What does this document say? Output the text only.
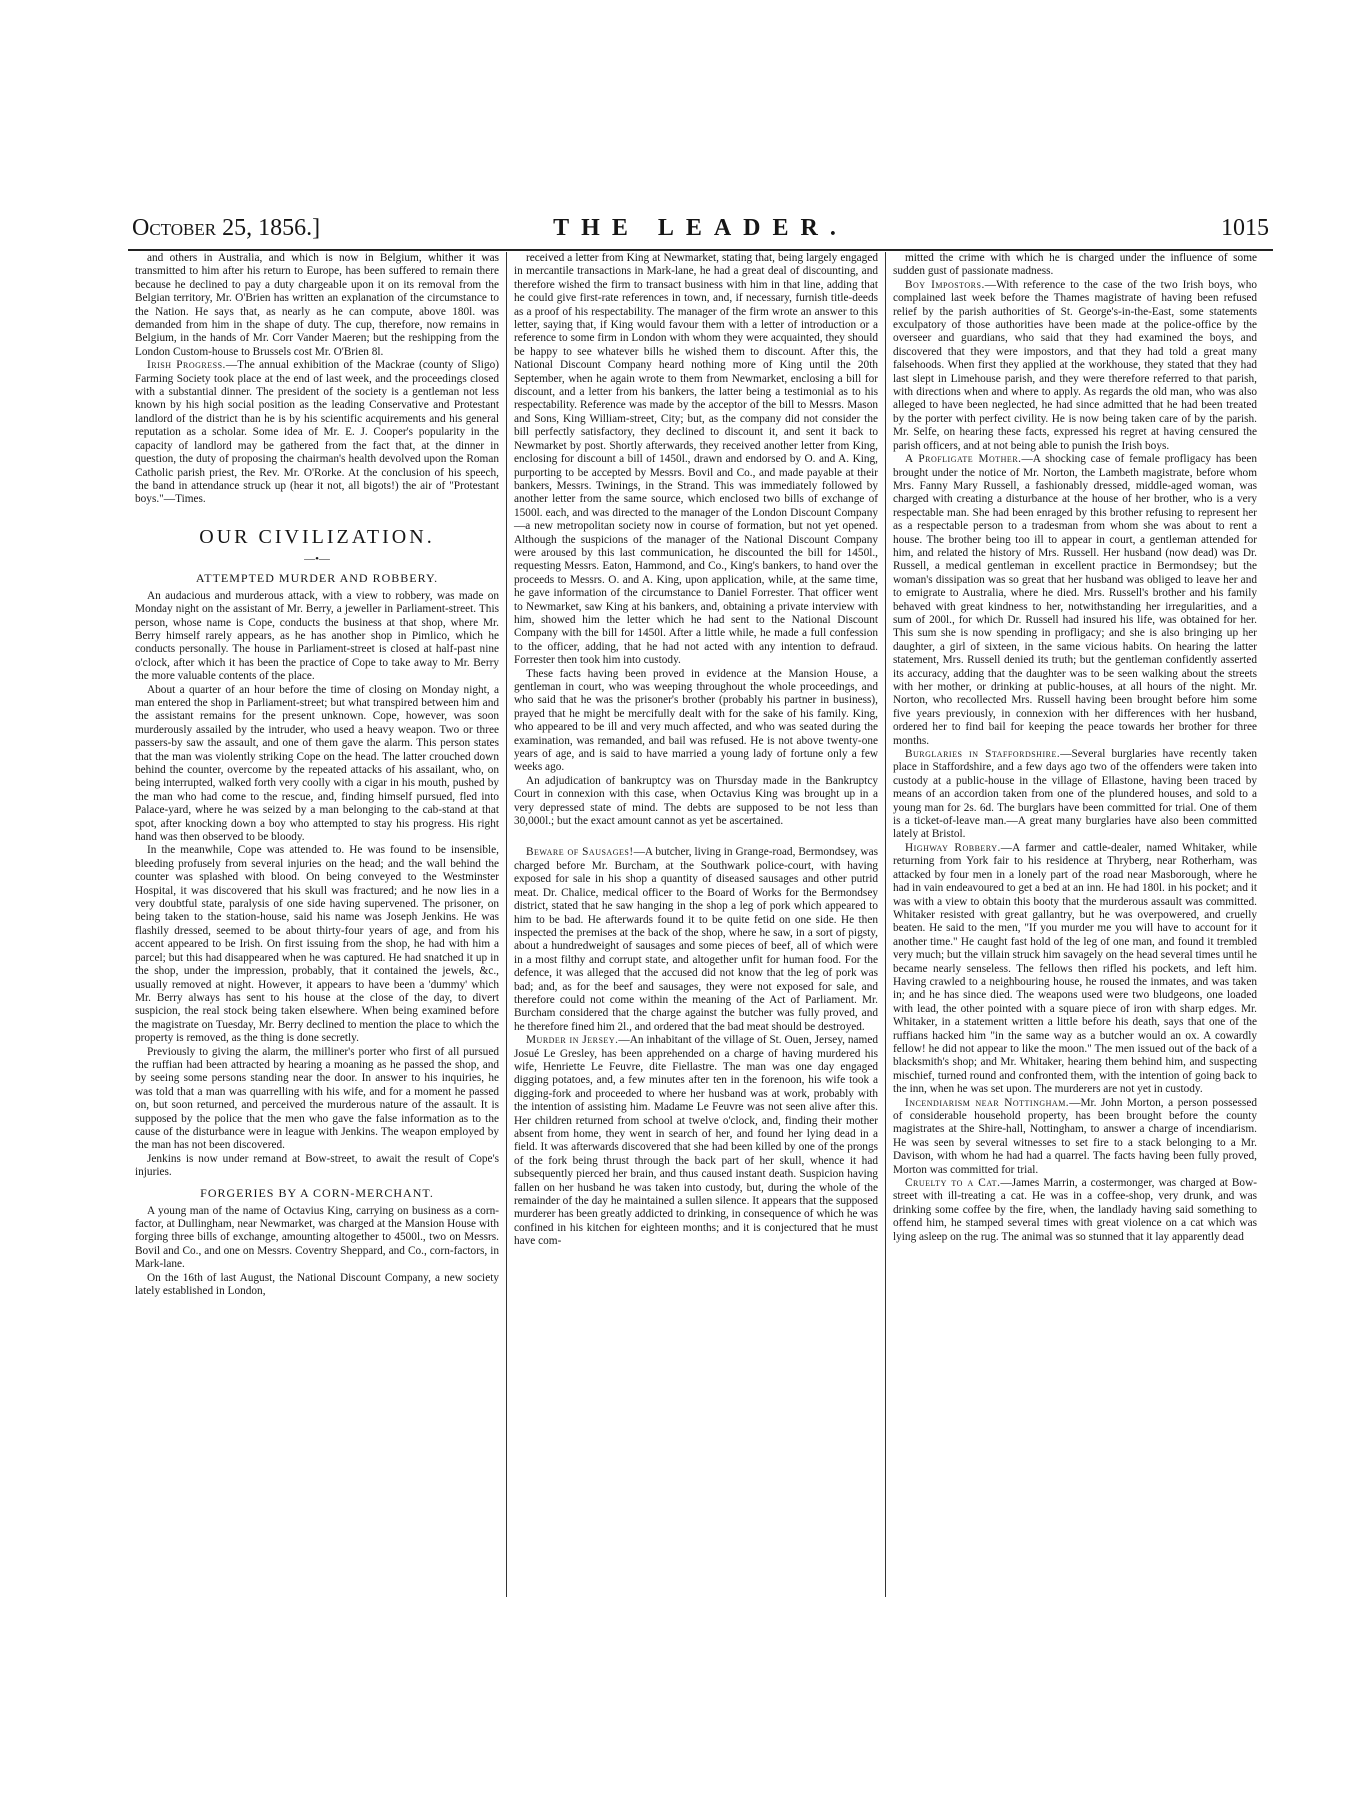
October 25, 1856.]	THE LEADER.	1015

and others in Australia, and which is now in Belgium, whither it was transmitted to him after his return to Europe, has been suffered to remain there because he declined to pay a duty chargeable upon it on its removal from the Belgian territory, Mr. O'Brien has written an explanation of the circumstance to the Nation. He says that, as nearly as he can compute, above 180l. was demanded from him in the shape of duty. The cup, therefore, now remains in Belgium, in the hands of Mr. Corr Vander Maeren; but the reshipping from the London Custom-house to Brussels cost Mr. O'Brien 8l.

Irish Progress.—The annual exhibition of the Mackrae (county of Sligo) Farming Society took place at the end of last week, and the proceedings closed with a substantial dinner. The president of the society is a gentleman not less known by his high social position as the leading Conservative and Protestant landlord of the district than he is by his scientific acquirements and his general reputation as a scholar. Some idea of Mr. E. J. Cooper's popularity in the capacity of landlord may be gathered from the fact that, at the dinner in question, the duty of proposing the chairman's health devolved upon the Roman Catholic parish priest, the Rev. Mr. O'Rorke. At the conclusion of his speech, the band in attendance struck up (hear it not, all bigots!) the air of "Protestant boys."—Times.

OUR CIVILIZATION.
—•—
ATTEMPTED MURDER AND ROBBERY.

An audacious and murderous attack, with a view to robbery, was made on Monday night on the assistant of Mr. Berry, a jeweller in Parliament-street. This person, whose name is Cope, conducts the business at that shop, where Mr. Berry himself rarely appears, as he has another shop in Pimlico, which he conducts personally. The house in Parliament-street is closed at half-past nine o'clock, after which it has been the practice of Cope to take away to Mr. Berry the more valuable contents of the place.

About a quarter of an hour before the time of closing on Monday night, a man entered the shop in Parliament-street; but what transpired between him and the assistant remains for the present unknown. Cope, however, was soon murderously assailed by the intruder, who used a heavy weapon. Two or three passers-by saw the assault, and one of them gave the alarm. This person states that the man was violently striking Cope on the head. The latter crouched down behind the counter, overcome by the repeated attacks of his assailant, who, on being interrupted, walked forth very coolly with a cigar in his mouth, pushed by the man who had come to the rescue, and, finding himself pursued, fled into Palace-yard, where he was seized by a man belonging to the cab-stand at that spot, after knocking down a boy who attempted to stay his progress. His right hand was then observed to be bloody.

In the meanwhile, Cope was attended to. He was found to be insensible, bleeding profusely from several injuries on the head; and the wall behind the counter was splashed with blood. On being conveyed to the Westminster Hospital, it was discovered that his skull was fractured; and he now lies in a very doubtful state, paralysis of one side having supervened. The prisoner, on being taken to the station-house, said his name was Joseph Jenkins. He was flashily dressed, seemed to be about thirty-four years of age, and from his accent appeared to be Irish. On first issuing from the shop, he had with him a parcel; but this had disappeared when he was captured. He had snatched it up in the shop, under the impression, probably, that it contained the jewels, &c., usually removed at night. However, it appears to have been a 'dummy' which Mr. Berry always has sent to his house at the close of the day, to divert suspicion, the real stock being taken elsewhere. When being examined before the magistrate on Tuesday, Mr. Berry declined to mention the place to which the property is removed, as the thing is done secretly.

Previously to giving the alarm, the milliner's porter who first of all pursued the ruffian had been attracted by hearing a moaning as he passed the shop, and by seeing some persons standing near the door. In answer to his inquiries, he was told that a man was quarrelling with his wife, and for a moment he passed on, but soon returned, and perceived the murderous nature of the assault. It is supposed by the police that the men who gave the false information as to the cause of the disturbance were in league with Jenkins. The weapon employed by the man has not been discovered.

Jenkins is now under remand at Bow-street, to await the result of Cope's injuries.

FORGERIES BY A CORN-MERCHANT.

A young man of the name of Octavius King, carrying on business as a corn-factor, at Dullingham, near Newmarket, was charged at the Mansion House with forging three bills of exchange, amounting altogether to 4500l., two on Messrs. Bovil and Co., and one on Messrs. Coventry Sheppard, and Co., corn-factors, in Mark-lane.

On the 16th of last August, the National Discount Company, a new society lately established in London,

received a letter from King at Newmarket, stating that, being largely engaged in mercantile transactions in Mark-lane, he had a great deal of discounting, and therefore wished the firm to transact business with him in that line, adding that he could give first-rate references in town, and, if necessary, furnish title-deeds as a proof of his respectability. The manager of the firm wrote an answer to this letter, saying that, if King would favour them with a letter of introduction or a reference to some firm in London with whom they were acquainted, they should be happy to see whatever bills he wished them to discount. After this, the National Discount Company heard nothing more of King until the 20th September, when he again wrote to them from Newmarket, enclosing a bill for discount, and a letter from his bankers, the latter being a testimonial as to his respectability. Reference was made by the acceptor of the bill to Messrs. Mason and Sons, King William-street, City; but, as the company did not consider the bill perfectly satisfactory, they declined to discount it, and sent it back to Newmarket by post. Shortly afterwards, they received another letter from King, enclosing for discount a bill of 1450l., drawn and endorsed by O. and A. King, purporting to be accepted by Messrs. Bovil and Co., and made payable at their bankers, Messrs. Twinings, in the Strand. This was immediately followed by another letter from the same source, which enclosed two bills of exchange of 1500l. each, and was directed to the manager of the London Discount Company—a new metropolitan society now in course of formation, but not yet opened. Although the suspicions of the manager of the National Discount Company were aroused by this last communication, he discounted the bill for 1450l., requesting Messrs. Eaton, Hammond, and Co., King's bankers, to hand over the proceeds to Messrs. O. and A. King, upon application, while, at the same time, he gave information of the circumstance to Daniel Forrester. That officer went to Newmarket, saw King at his bankers, and, obtaining a private interview with him, showed him the letter which he had sent to the National Discount Company with the bill for 1450l. After a little while, he made a full confession to the officer, adding, that he had not acted with any intention to defraud. Forrester then took him into custody.

These facts having been proved in evidence at the Mansion House, a gentleman in court, who was weeping throughout the whole proceedings, and who said that he was the prisoner's brother (probably his partner in business), prayed that he might be mercifully dealt with for the sake of his family. King, who appeared to be ill and very much affected, and who was seated during the examination, was remanded, and bail was refused. He is not above twenty-one years of age, and is said to have married a young lady of fortune only a few weeks ago.

An adjudication of bankruptcy was on Thursday made in the Bankruptcy Court in connexion with this case, when Octavius King was brought up in a very depressed state of mind. The debts are supposed to be not less than 30,000l.; but the exact amount cannot as yet be ascertained.

Beware of Sausages!—A butcher, living in Grange-road, Bermondsey, was charged before Mr. Burcham, at the Southwark police-court, with having exposed for sale in his shop a quantity of diseased sausages and other putrid meat. Dr. Chalice, medical officer to the Board of Works for the Bermondsey district, stated that he saw hanging in the shop a leg of pork which appeared to him to be bad. He afterwards found it to be quite fetid on one side. He then inspected the premises at the back of the shop, where he saw, in a sort of pigsty, about a hundredweight of sausages and some pieces of beef, all of which were in a most filthy and corrupt state, and altogether unfit for human food. For the defence, it was alleged that the accused did not know that the leg of pork was bad; and, as for the beef and sausages, they were not exposed for sale, and therefore could not come within the meaning of the Act of Parliament. Mr. Burcham considered that the charge against the butcher was fully proved, and he therefore fined him 2l., and ordered that the bad meat should be destroyed.

Murder in Jersey.—An inhabitant of the village of St. Ouen, Jersey, named Josué Le Gresley, has been apprehended on a charge of having murdered his wife, Henriette Le Feuvre, dite Fiellastre. The man was one day engaged digging potatoes, and, a few minutes after ten in the forenoon, his wife took a digging-fork and proceeded to where her husband was at work, probably with the intention of assisting him. Madame Le Feuvre was not seen alive after this. Her children returned from school at twelve o'clock, and, finding their mother absent from home, they went in search of her, and found her lying dead in a field. It was afterwards discovered that she had been killed by one of the prongs of the fork being thrust through the back part of her skull, whence it had subsequently pierced her brain, and thus caused instant death. Suspicion having fallen on her husband he was taken into custody, but, during the whole of the remainder of the day he maintained a sullen silence. It appears that the supposed murderer has been greatly addicted to drinking, in consequence of which he was confined in his kitchen for eighteen months; and it is conjectured that he must have com-

mitted the crime with which he is charged under the influence of some sudden gust of passionate madness.

Boy Impostors.—With reference to the case of the two Irish boys, who complained last week before the Thames magistrate of having been refused relief by the parish authorities of St. George's-in-the-East, some statements exculpatory of those authorities have been made at the police-office by the overseer and guardians, who said that they had examined the boys, and discovered that they were impostors, and that they had told a great many falsehoods. When first they applied at the workhouse, they stated that they had last slept in Limehouse parish, and they were therefore referred to that parish, with directions when and where to apply. As regards the old man, who was also alleged to have been neglected, he had since admitted that he had been treated by the porter with perfect civility. He is now being taken care of by the parish. Mr. Selfe, on hearing these facts, expressed his regret at having censured the parish officers, and at not being able to punish the Irish boys.

A Profligate Mother.—A shocking case of female profligacy has been brought under the notice of Mr. Norton, the Lambeth magistrate, before whom Mrs. Fanny Mary Russell, a fashionably dressed, middle-aged woman, was charged with creating a disturbance at the house of her brother, who is a very respectable man. She had been enraged by this brother refusing to represent her as a respectable person to a tradesman from whom she was about to rent a house. The brother being too ill to appear in court, a gentleman attended for him, and related the history of Mrs. Russell. Her husband (now dead) was Dr. Russell, a medical gentleman in excellent practice in Bermondsey; but the woman's dissipation was so great that her husband was obliged to leave her and to emigrate to Australia, where he died. Mrs. Russell's brother and his family behaved with great kindness to her, notwithstanding her irregularities, and a sum of 200l., for which Dr. Russell had insured his life, was obtained for her. This sum she is now spending in profligacy; and she is also bringing up her daughter, a girl of sixteen, in the same vicious habits. On hearing the latter statement, Mrs. Russell denied its truth; but the gentleman confidently asserted its accuracy, adding that the daughter was to be seen walking about the streets with her mother, or drinking at public-houses, at all hours of the night. Mr. Norton, who recollected Mrs. Russell having been brought before him some five years previously, in connexion with her differences with her husband, ordered her to find bail for keeping the peace towards her brother for three months.

Burglaries in Staffordshire.—Several burglaries have recently taken place in Staffordshire, and a few days ago two of the offenders were taken into custody at a public-house in the village of Ellastone, having been traced by means of an accordion taken from one of the plundered houses, and sold to a young man for 2s. 6d. The burglars have been committed for trial. One of them is a ticket-of-leave man.—A great many burglaries have also been committed lately at Bristol.

Highway Robbery.—A farmer and cattle-dealer, named Whitaker, while returning from York fair to his residence at Thryberg, near Rotherham, was attacked by four men in a lonely part of the road near Masborough, where he had in vain endeavoured to get a bed at an inn. He had 180l. in his pocket; and it was with a view to obtain this booty that the murderous assault was committed. Whitaker resisted with great gallantry, but he was overpowered, and cruelly beaten. He said to the men, "If you murder me you will have to account for it another time." He caught fast hold of the leg of one man, and found it trembled very much; but the villain struck him savagely on the head several times until he became nearly senseless. The fellows then rifled his pockets, and left him. Having crawled to a neighbouring house, he roused the inmates, and was taken in; and he has since died. The weapons used were two bludgeons, one loaded with lead, the other pointed with a square piece of iron with sharp edges. Mr. Whitaker, in a statement written a little before his death, says that one of the ruffians hacked him "in the same way as a butcher would an ox. A cowardly fellow! he did not appear to like the moon." The men issued out of the back of a blacksmith's shop; and Mr. Whitaker, hearing them behind him, and suspecting mischief, turned round and confronted them, with the intention of going back to the inn, when he was set upon. The murderers are not yet in custody.

Incendiarism near Nottingham.—Mr. John Morton, a person possessed of considerable household property, has been brought before the county magistrates at the Shire-hall, Nottingham, to answer a charge of incendiarism. He was seen by several witnesses to set fire to a stack belonging to a Mr. Davison, with whom he had had a quarrel. The facts having been fully proved, Morton was committed for trial.

Cruelty to a Cat.—James Marrin, a costermonger, was charged at Bow-street with ill-treating a cat. He was in a coffee-shop, very drunk, and was drinking some coffee by the fire, when, the landlady having said something to offend him, he stamped several times with great violence on a cat which was lying asleep on the rug. The animal was so stunned that it lay apparently dead
